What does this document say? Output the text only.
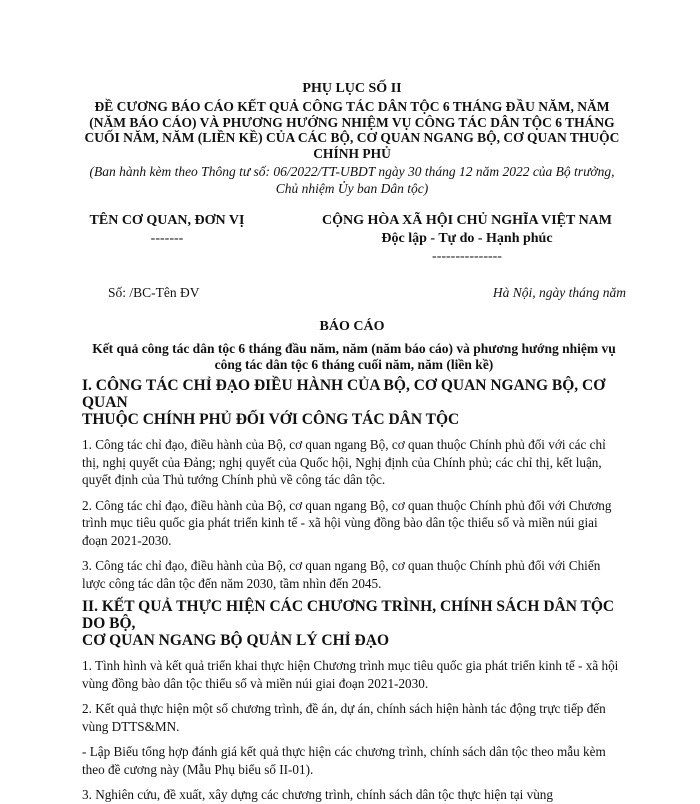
PHỤ LỤC SỐ II
ĐỀ CƯƠNG BÁO CÁO KẾT QUẢ CÔNG TÁC DÂN TỘC 6 THÁNG ĐẦU NĂM, NĂM
(NĂM BÁO CÁO) VÀ PHƯƠNG HƯỚNG NHIỆM VỤ CÔNG TÁC DÂN TỘC 6 THÁNG
CUỐI NĂM, NĂM (LIỀN KỀ) CỦA CÁC BỘ, CƠ QUAN NGANG BỘ, CƠ QUAN THUỘC
CHÍNH PHỦ
(Ban hành kèm theo Thông tư số: 06/2022/TT-UBDT ngày 30 tháng 12 năm 2022 của Bộ trưởng,
Chủ nhiệm Ủy ban Dân tộc)
TÊN CƠ QUAN, ĐƠN VỊ
-------
CỘNG HÒA XÃ HỘI CHỦ NGHĨA VIỆT NAM
Độc lập - Tự do - Hạnh phúc
---------------
Số: /BC-Tên ĐV	Hà Nội, ngày tháng năm
BÁO CÁO
Kết quả công tác dân tộc 6 tháng đầu năm, năm (năm báo cáo) và phương hướng nhiệm vụ
công tác dân tộc 6 tháng cuối năm, năm (liền kề)
I. CÔNG TÁC CHỈ ĐẠO ĐIỀU HÀNH CỦA BỘ, CƠ QUAN NGANG BỘ, CƠ QUAN
THUỘC CHÍNH PHỦ ĐỐI VỚI CÔNG TÁC DÂN TỘC
1. Công tác chỉ đạo, điều hành của Bộ, cơ quan ngang Bộ, cơ quan thuộc Chính phủ đối với các chỉ thị, nghị quyết của Đảng; nghị quyết của Quốc hội, Nghị định của Chính phủ; các chỉ thị, kết luận, quyết định của Thủ tướng Chính phủ về công tác dân tộc.
2. Công tác chỉ đạo, điều hành của Bộ, cơ quan ngang Bộ, cơ quan thuộc Chính phủ đối với Chương trình mục tiêu quốc gia phát triển kinh tế - xã hội vùng đồng bào dân tộc thiểu số và miền núi giai đoạn 2021-2030.
3. Công tác chỉ đạo, điều hành của Bộ, cơ quan ngang Bộ, cơ quan thuộc Chính phủ đối với Chiến lược công tác dân tộc đến năm 2030, tầm nhìn đến 2045.
II. KẾT QUẢ THỰC HIỆN CÁC CHƯƠNG TRÌNH, CHÍNH SÁCH DÂN TỘC DO BỘ,
CƠ QUAN NGANG BỘ QUẢN LÝ CHỈ ĐẠO
1. Tình hình và kết quả triển khai thực hiện Chương trình mục tiêu quốc gia phát triển kinh tế - xã hội vùng đồng bào dân tộc thiểu số và miền núi giai đoạn 2021-2030.
2. Kết quả thực hiện một số chương trình, đề án, dự án, chính sách hiện hành tác động trực tiếp đến vùng DTTS&MN.
- Lập Biểu tổng hợp đánh giá kết quả thực hiện các chương trình, chính sách dân tộc theo mẫu kèm theo đề cương này (Mẫu Phụ biểu số II-01).
3. Nghiên cứu, đề xuất, xây dựng các chương trình, chính sách dân tộc thực hiện tại vùng
